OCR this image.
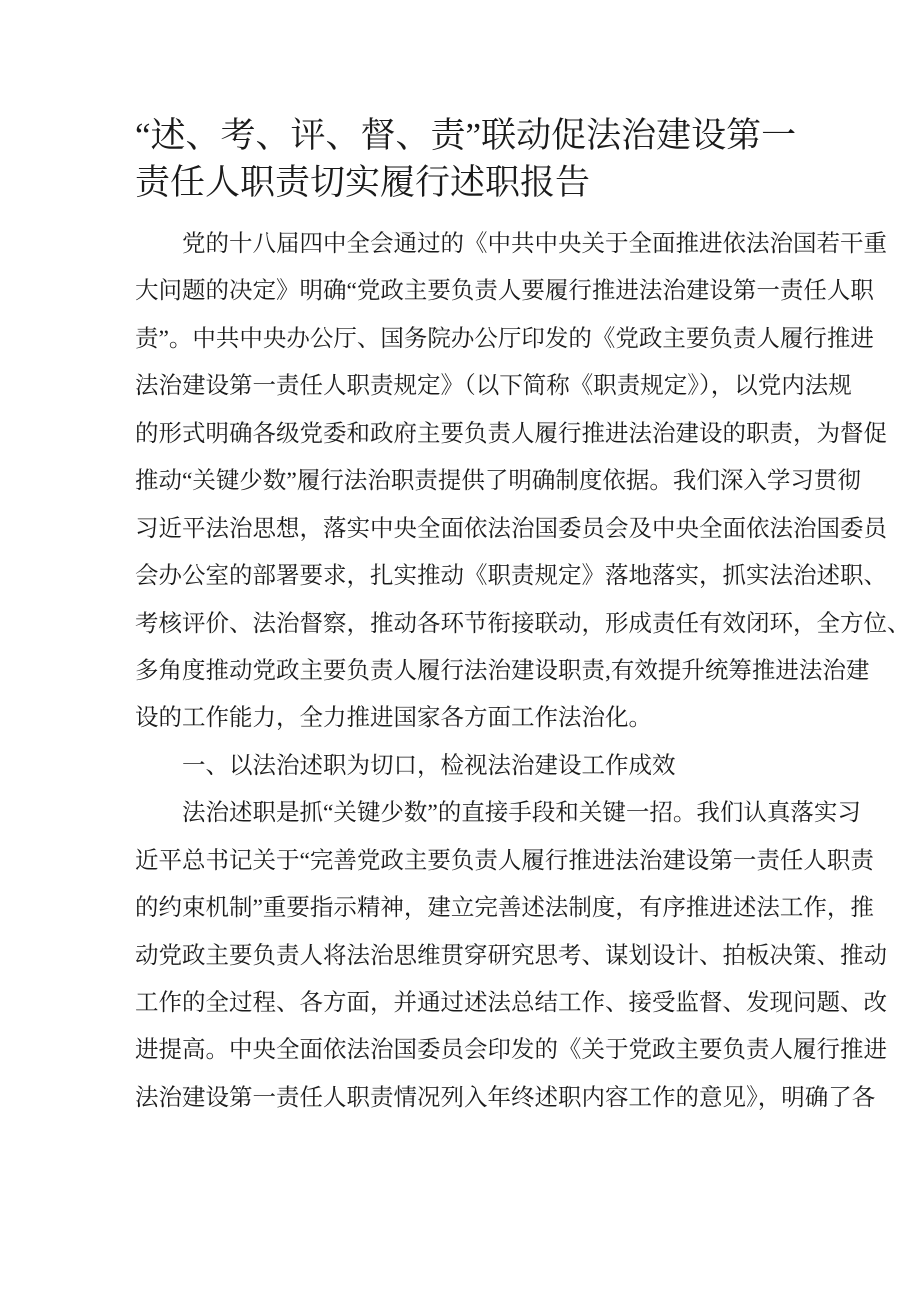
“述、考、评、督、责”联动促法治建设第一
责任人职责切实履行述职报告
党的十八届四中全会通过的《中共中央关于全面推进依法治国若干重
大问题的决定》明确“党政主要负责人要履行推进法治建设第一责任人职
责”。中共中央办公厅、国务院办公厅印发的《党政主要负责人履行推进
法治建设第一责任人职责规定》（以下简称《职责规定》），以党内法规
的形式明确各级党委和政府主要负责人履行推进法治建设的职责，为督促
推动“关键少数”履行法治职责提供了明确制度依据。我们深入学习贯彻
习近平法治思想，落实中央全面依法治国委员会及中央全面依法治国委员
会办公室的部署要求，扎实推动《职责规定》落地落实，抓实法治述职、
考核评价、法治督察，推动各环节衔接联动，形成责任有效闭环，全方位、
多角度推动党政主要负责人履行法治建设职责,有效提升统筹推进法治建
设的工作能力，全力推进国家各方面工作法治化。
一、以法治述职为切口，检视法治建设工作成效
法治述职是抓“关键少数”的直接手段和关键一招。我们认真落实习
近平总书记关于“完善党政主要负责人履行推进法治建设第一责任人职责
的约束机制”重要指示精神，建立完善述法制度，有序推进述法工作，推
动党政主要负责人将法治思维贯穿研究思考、谋划设计、拍板决策、推动
工作的全过程、各方面，并通过述法总结工作、接受监督、发现问题、改
进提高。中央全面依法治国委员会印发的《关于党政主要负责人履行推进
法治建设第一责任人职责情况列入年终述职内容工作的意见》，明确了各
